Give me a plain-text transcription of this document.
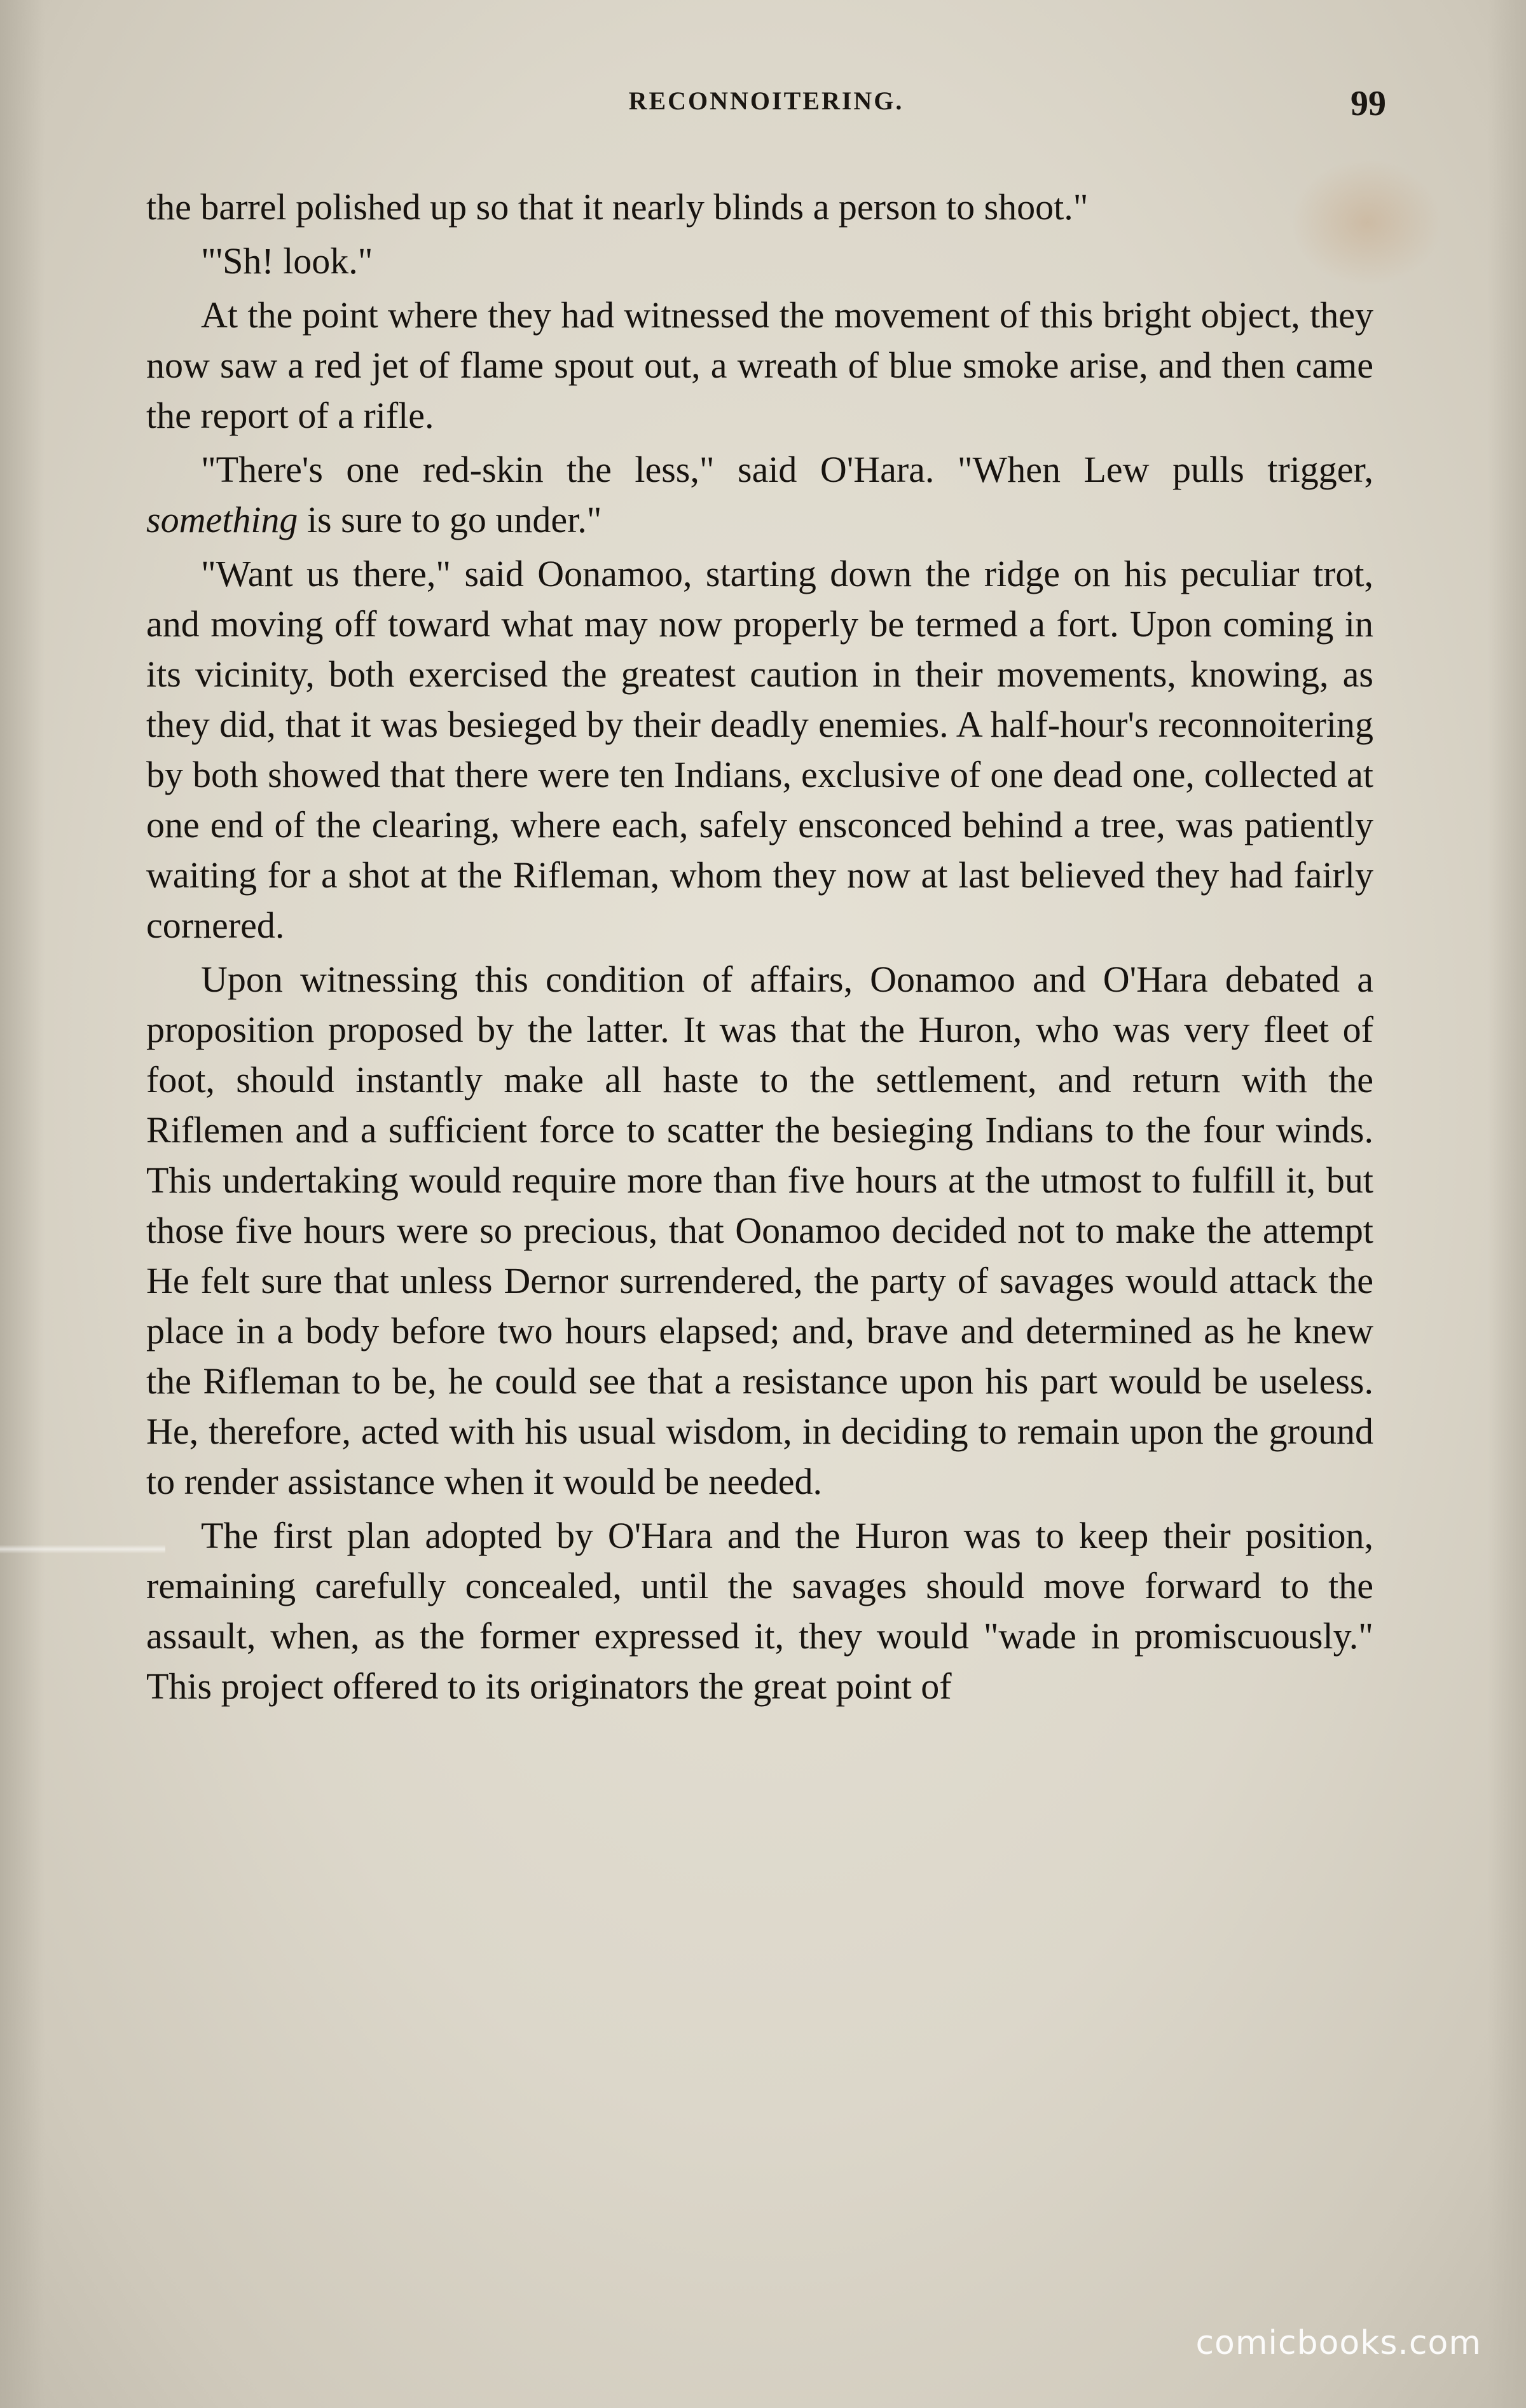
RECONNOITERING.	99

the barrel polished up so that it nearly blinds a person to shoot."

"'Sh! look."

At the point where they had witnessed the movement of this bright object, they now saw a red jet of flame spout out, a wreath of blue smoke arise, and then came the report of a rifle.

"There's one red-skin the less," said O'Hara. "When Lew pulls trigger, something is sure to go under."

"Want us there," said Oonamoo, starting down the ridge on his peculiar trot, and moving off toward what may now properly be termed a fort. Upon coming in its vicinity, both exercised the greatest caution in their movements, knowing, as they did, that it was besieged by their deadly enemies. A half-hour's reconnoitering by both showed that there were ten Indians, exclusive of one dead one, collected at one end of the clearing, where each, safely ensconced behind a tree, was patiently waiting for a shot at the Rifleman, whom they now at last believed they had fairly cornered.

Upon witnessing this condition of affairs, Oonamoo and O'Hara debated a proposition proposed by the latter. It was that the Huron, who was very fleet of foot, should instantly make all haste to the settlement, and return with the Riflemen and a sufficient force to scatter the besieging Indians to the four winds. This undertaking would require more than five hours at the utmost to fulfill it, but those five hours were so precious, that Oonamoo decided not to make the attempt He felt sure that unless Dernor surrendered, the party of savages would attack the place in a body before two hours elapsed; and, brave and determined as he knew the Rifleman to be, he could see that a resistance upon his part would be useless. He, therefore, acted with his usual wisdom, in deciding to remain upon the ground to render assistance when it would be needed.

The first plan adopted by O'Hara and the Huron was to keep their position, remaining carefully concealed, until the savages should move forward to the assault, when, as the former expressed it, they would "wade in promiscuously." This project offered to its originators the great point of

comicbooks.com
